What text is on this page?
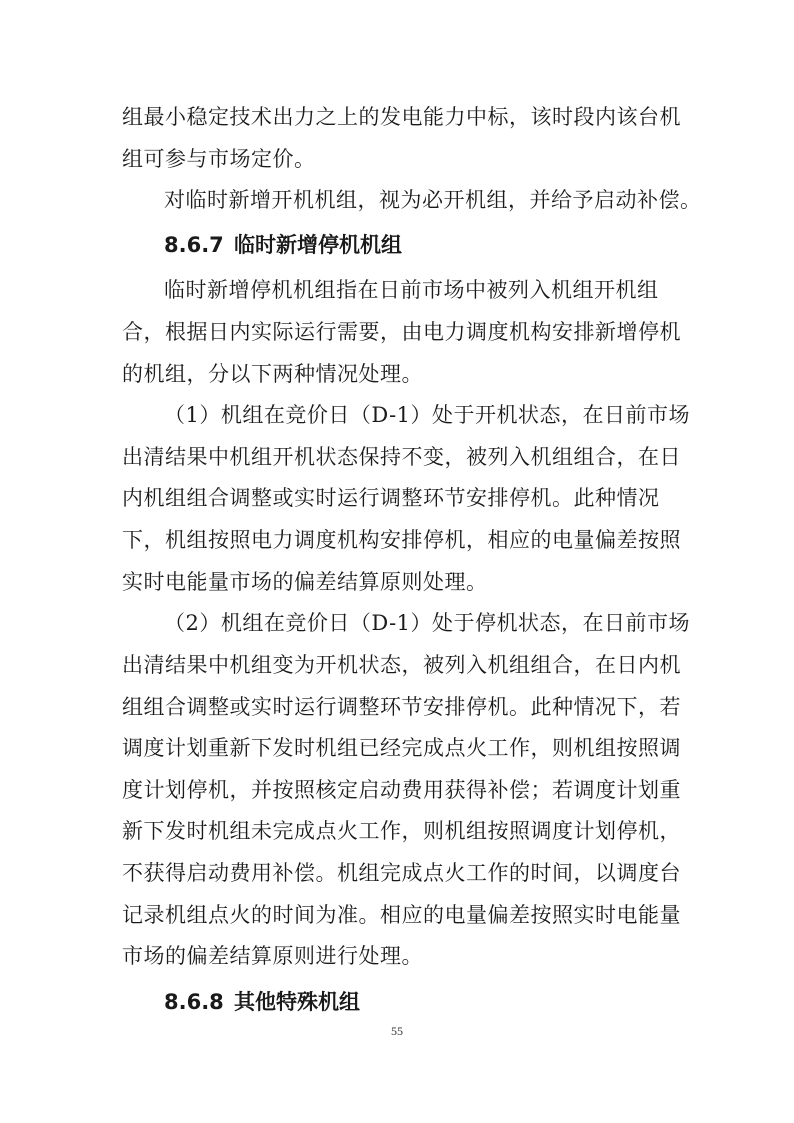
组最小稳定技术出力之上的发电能力中标，该时段内该台机
组可参与市场定价。
对临时新增开机机组，视为必开机组，并给予启动补偿。
8.6.7 临时新增停机机组
临时新增停机机组指在日前市场中被列入机组开机组
合，根据日内实际运行需要，由电力调度机构安排新增停机
的机组，分以下两种情况处理。
（1）机组在竞价日（D-1）处于开机状态，在日前市场
出清结果中机组开机状态保持不变，被列入机组组合，在日
内机组组合调整或实时运行调整环节安排停机。此种情况
下，机组按照电力调度机构安排停机，相应的电量偏差按照
实时电能量市场的偏差结算原则处理。
（2）机组在竞价日（D-1）处于停机状态，在日前市场
出清结果中机组变为开机状态，被列入机组组合，在日内机
组组合调整或实时运行调整环节安排停机。此种情况下，若
调度计划重新下发时机组已经完成点火工作，则机组按照调
度计划停机，并按照核定启动费用获得补偿；若调度计划重
新下发时机组未完成点火工作，则机组按照调度计划停机，
不获得启动费用补偿。机组完成点火工作的时间，以调度台
记录机组点火的时间为准。相应的电量偏差按照实时电能量
市场的偏差结算原则进行处理。
8.6.8 其他特殊机组
55
